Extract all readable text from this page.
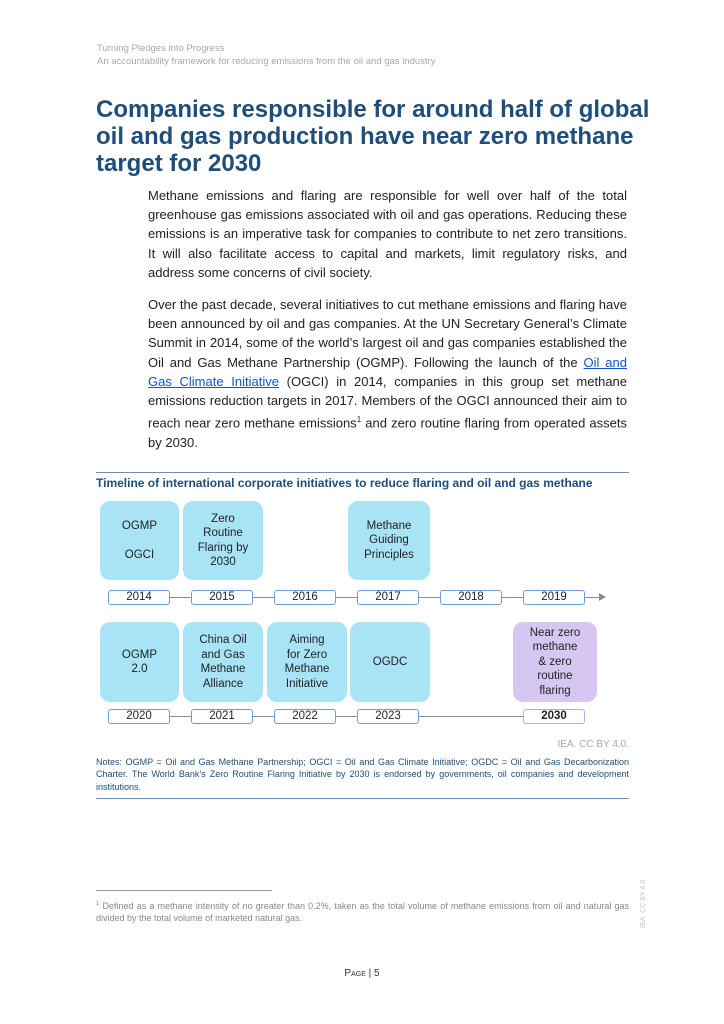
Turning Pledges into Progress
An accountability framework for reducing emissions from the oil and gas industry
Companies responsible for around half of global oil and gas production have near zero methane target for 2030

Methane emissions and flaring are responsible for well over half of the total greenhouse gas emissions associated with oil and gas operations. Reducing these emissions is an imperative task for companies to contribute to net zero transitions. It will also facilitate access to capital and markets, limit regulatory risks, and address some concerns of civil society.

Over the past decade, several initiatives to cut methane emissions and flaring have been announced by oil and gas companies. At the UN Secretary General’s Climate Summit in 2014, some of the world’s largest oil and gas companies established the Oil and Gas Methane Partnership (OGMP). Following the launch of the Oil and Gas Climate Initiative (OGCI) in 2014, companies in this group set methane emissions reduction targets in 2017. Members of the OGCI announced their aim to reach near zero methane emissions$^1$ and zero routine flaring from operated assets by 2030.

Timeline of international corporate initiatives to reduce flaring and oil and gas methane
OGMP
OGCI
Zero
Routine
Flaring by
2030
Methane
Guiding
Principles
2014	2015	2016	2017	2018	2019
OGMP
2.0
China Oil
and Gas
Methane
Alliance
Aiming
for Zero
Methane
Initiative
OGDC
Near zero
methane
& zero
routine
flaring
2020	2021	2022	2023	2030
IEA. CC BY 4.0.

Notes: OGMP = Oil and Gas Methane Partnership; OGCI = Oil and Gas Climate Initiative; OGDC = Oil and Gas Decarbonization Charter. The World Bank’s Zero Routine Flaring Initiative by 2030 is endorsed by governments, oil companies and development institutions.

$^1$ Defined as a methane intensity of no greater than 0.2%, taken as the total volume of methane emissions from oil and natural gas divided by the total volume of marketed natural gas.

Page | 5
IEA. CC BY 4.0.
